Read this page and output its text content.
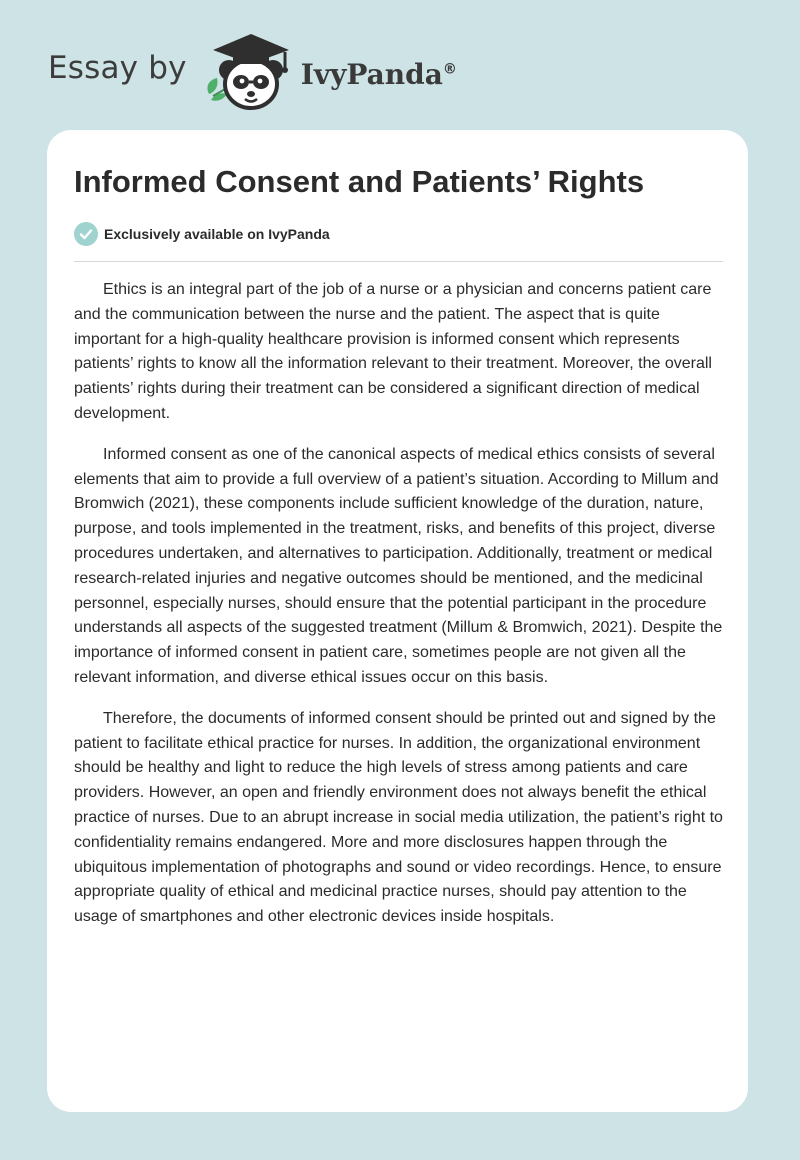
Essay by	IvyPanda®
Informed Consent and Patients’ Rights
Exclusively available on IvyPanda

Ethics is an integral part of the job of a nurse or a physician and concerns patient care and the communication between the nurse and the patient. The aspect that is quite important for a high-quality healthcare provision is informed consent which represents patients’ rights to know all the information relevant to their treatment. Moreover, the overall patients’ rights during their treatment can be considered a significant direction of medical development.

Informed consent as one of the canonical aspects of medical ethics consists of several elements that aim to provide a full overview of a patient’s situation. According to Millum and Bromwich (2021), these components include sufficient knowledge of the duration, nature, purpose, and tools implemented in the treatment, risks, and benefits of this project, diverse procedures undertaken, and alternatives to participation. Additionally, treatment or medical research-related injuries and negative outcomes should be mentioned, and the medicinal personnel, especially nurses, should ensure that the potential participant in the procedure understands all aspects of the suggested treatment (Millum & Bromwich, 2021). Despite the importance of informed consent in patient care, sometimes people are not given all the relevant information, and diverse ethical issues occur on this basis.

Therefore, the documents of informed consent should be printed out and signed by the patient to facilitate ethical practice for nurses. In addition, the organizational environment should be healthy and light to reduce the high levels of stress among patients and care providers. However, an open and friendly environment does not always benefit the ethical practice of nurses. Due to an abrupt increase in social media utilization, the patient’s right to confidentiality remains endangered. More and more disclosures happen through the ubiquitous implementation of photographs and sound or video recordings. Hence, to ensure appropriate quality of ethical and medicinal practice nurses, should pay attention to the usage of smartphones and other electronic devices inside hospitals.
